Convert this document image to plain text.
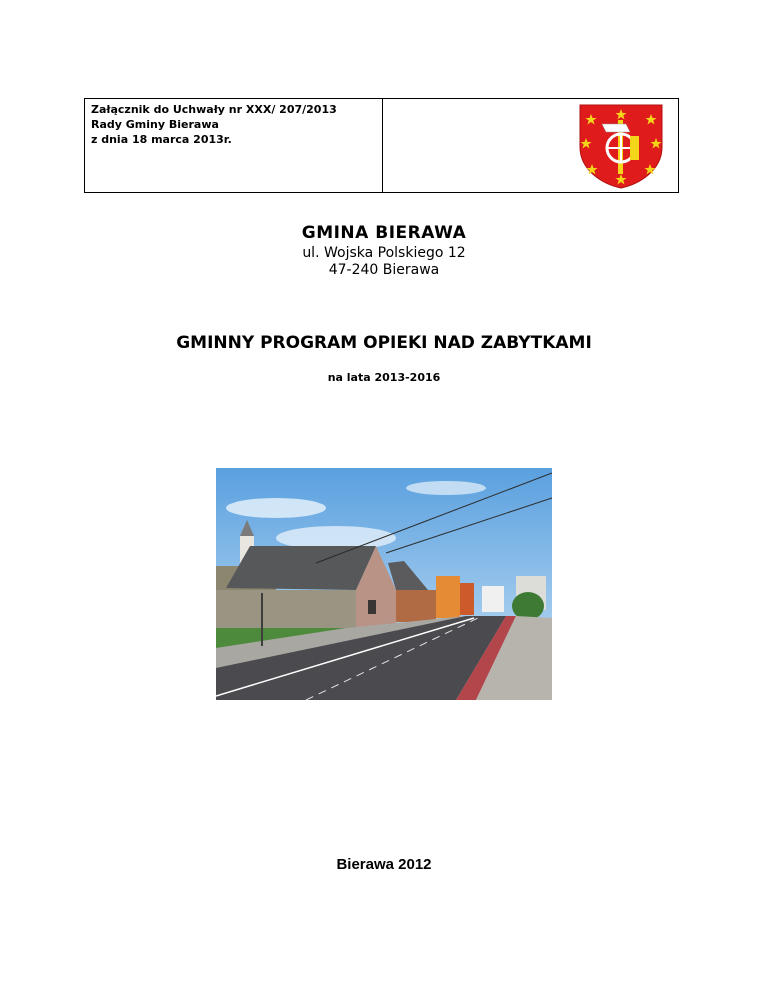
Załącznik do Uchwały nr XXX/ 207/2013
Rady Gminy Bierawa
z dnia 18 marca 2013r.
GMINA BIERAWA
ul. Wojska Polskiego 12
47-240 Bierawa
GMINNY PROGRAM OPIEKI NAD ZABYTKAMI
na lata 2013-2016
Bierawa 2012
